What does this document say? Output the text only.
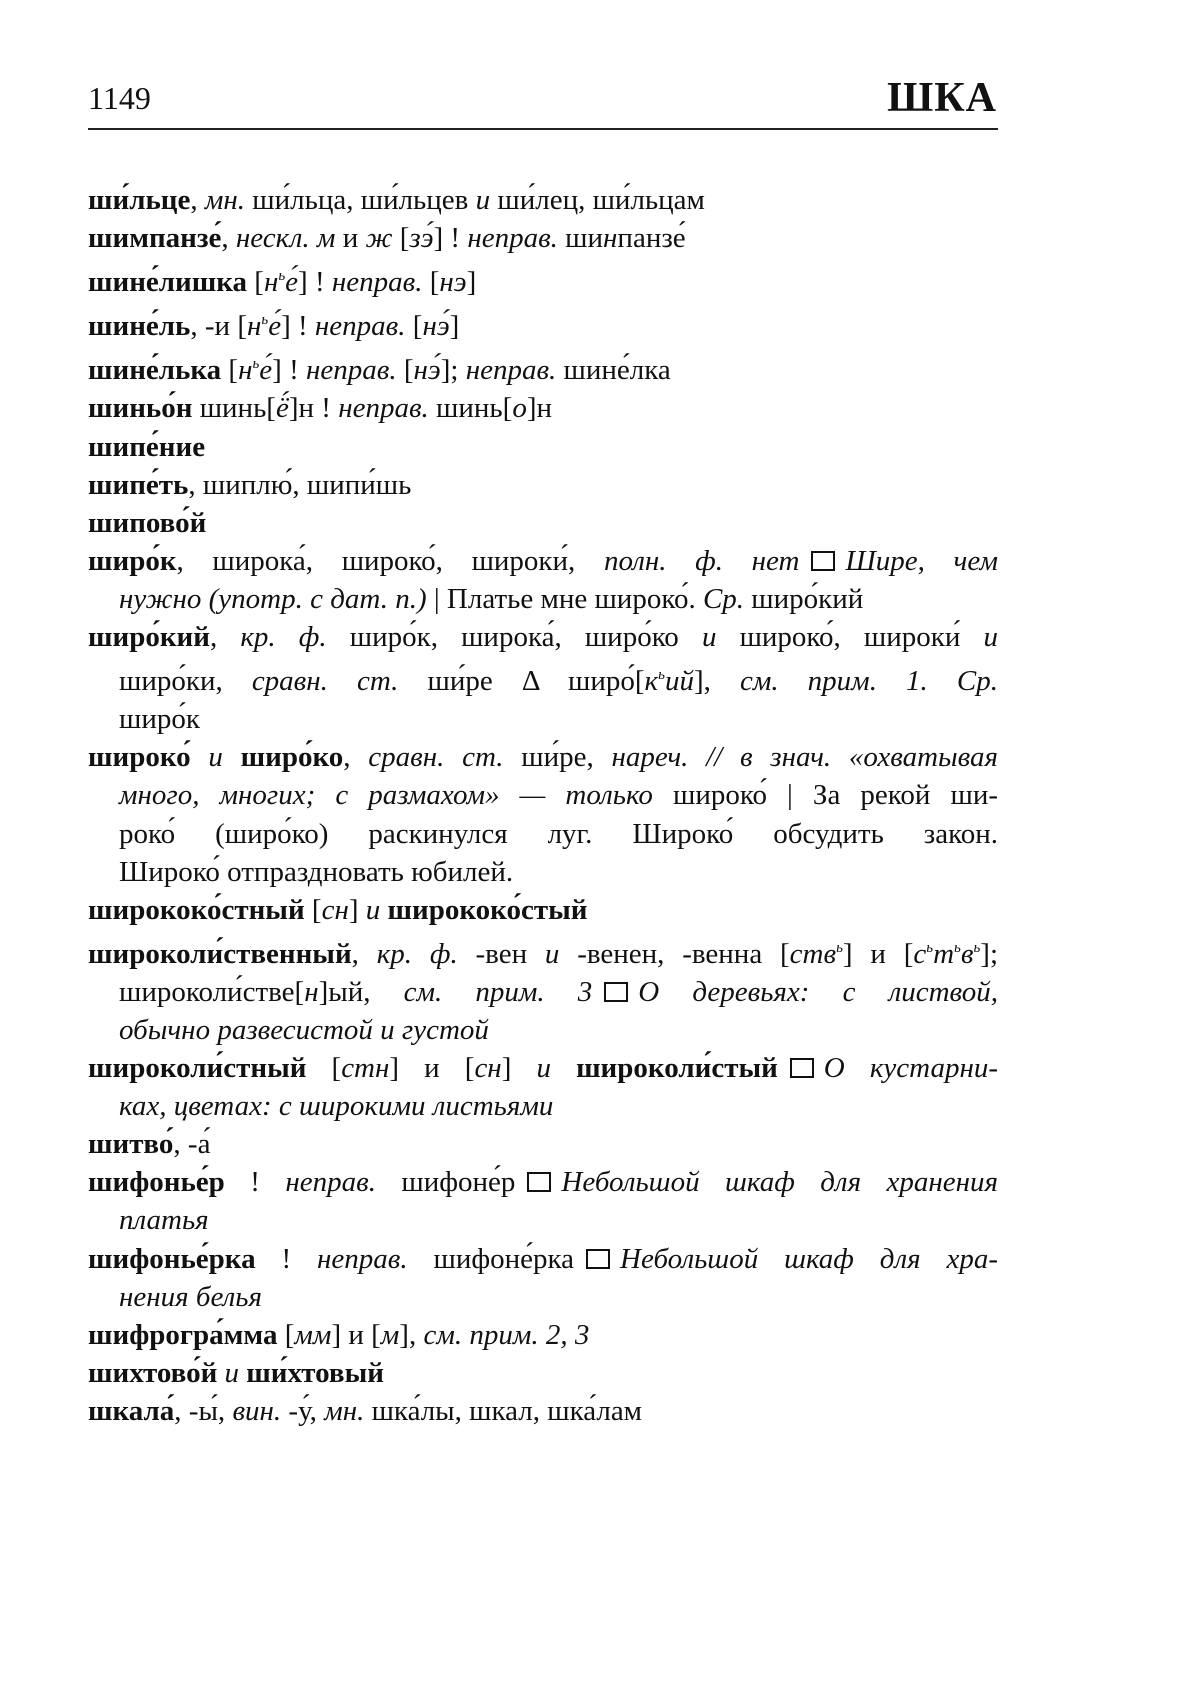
1149	ШКА
ши́льце, мн. ши́льца, ши́льцев и ши́лец, ши́льцам
шимпанзе́, нескл. м и ж [зэ́] ! неправ. шинпанзе́
шине́лишка $[н^ье́]$ ! неправ. [нэ]
шине́ль, -и $[н^ье́]$ ! неправ. [нэ́]
шине́лька $[н^ье́]$ ! неправ. [нэ́]; неправ. шине́лка
шиньо́н шинь[ё́]н ! неправ. шинь[о]н
шипе́ние
шипе́ть, шиплю́, шипи́шь
шипово́й
широ́к, широка́, широко́, широки́, полн. ф. нет Шире, чем
нужно (употр. с дат. п.) | Платье мне широко́. Ср. широ́кий
широ́кий, кр. ф. широ́к, широка́, широ́ко и широко́, широки́ и
широ́ки, сравн. ст. ши́ре Δ $широ́[к^ьий]$, см. прим. 1. Ср.
широ́к
широко́ и широ́ко, сравн. ст. ши́ре, нареч. // в знач. «охватывая
много, многих; с размахом» — только широко́ | За рекой ши-
роко́ (широ́ко) раскинулся луг. Широко́ обсудить закон.
Широко́ отпраздновать юбилей.
ширококо́стный [сн] и ширококо́стый
широколи́ственный, кр. ф. -вен и -венен, -венна [ств$^ь$] и $[с^ьт^ьв^ь]$;
широколи́стве[н]ый, см. прим. 3 О деревьях: с листвой,
обычно развесистой и густой
широколи́стный [стн] и [сн] и широколи́стый О кустарни-
ках, цветах: с широкими листьями
шитво́, -а́
шифонье́р ! неправ. шифоне́р Небольшой шкаф для хранения
платья
шифонье́рка ! неправ. шифоне́рка Небольшой шкаф для хра-
нения белья
шифрогра́мма [мм] и [м], см. прим. 2, 3
шихтово́й и ши́хтовый
шкала́, -ы́, вин. -у́, мн. шка́лы, шкал, шка́лам
